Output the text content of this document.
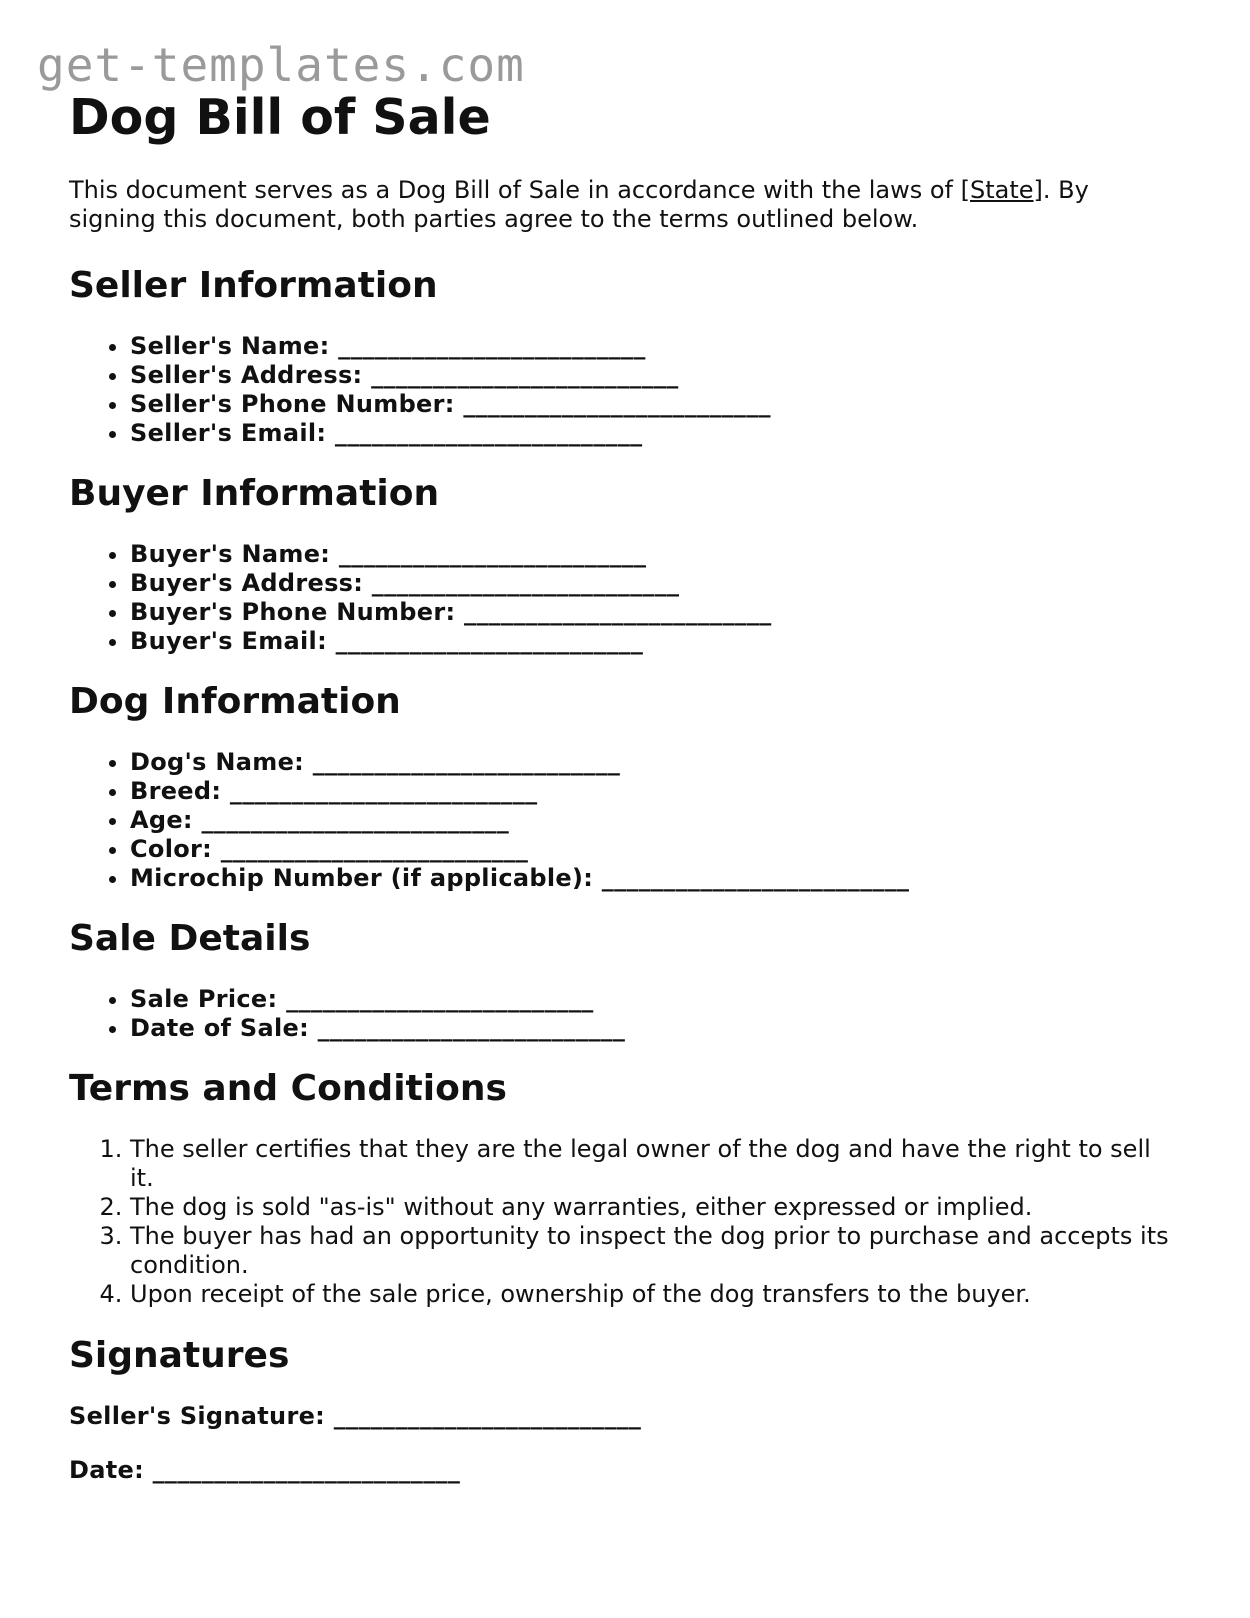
get-templates.com
Dog Bill of Sale

This document serves as a Dog Bill of Sale in accordance with the laws of [State]. By signing this document, both parties agree to the terms outlined below.

Seller Information
• Seller's Name: _________________________
• Seller's Address: _________________________
• Seller's Phone Number: _________________________
• Seller's Email: _________________________
Buyer Information
• Buyer's Name: _________________________
• Buyer's Address: _________________________
• Buyer's Phone Number: _________________________
• Buyer's Email: _________________________
Dog Information
• Dog's Name: _________________________
• Breed: _________________________
• Age: _________________________
• Color: _________________________
• Microchip Number (if applicable): _________________________
Sale Details
• Sale Price: _________________________
• Date of Sale: _________________________
Terms and Conditions
1. The seller certifies that they are the legal owner of the dog and have the right to sell it.
2. The dog is sold "as-is" without any warranties, either expressed or implied.
3. The buyer has had an opportunity to inspect the dog prior to purchase and accepts its condition.
4. Upon receipt of the sale price, ownership of the dog transfers to the buyer.
Signatures

Seller's Signature: _________________________

Date: _________________________
